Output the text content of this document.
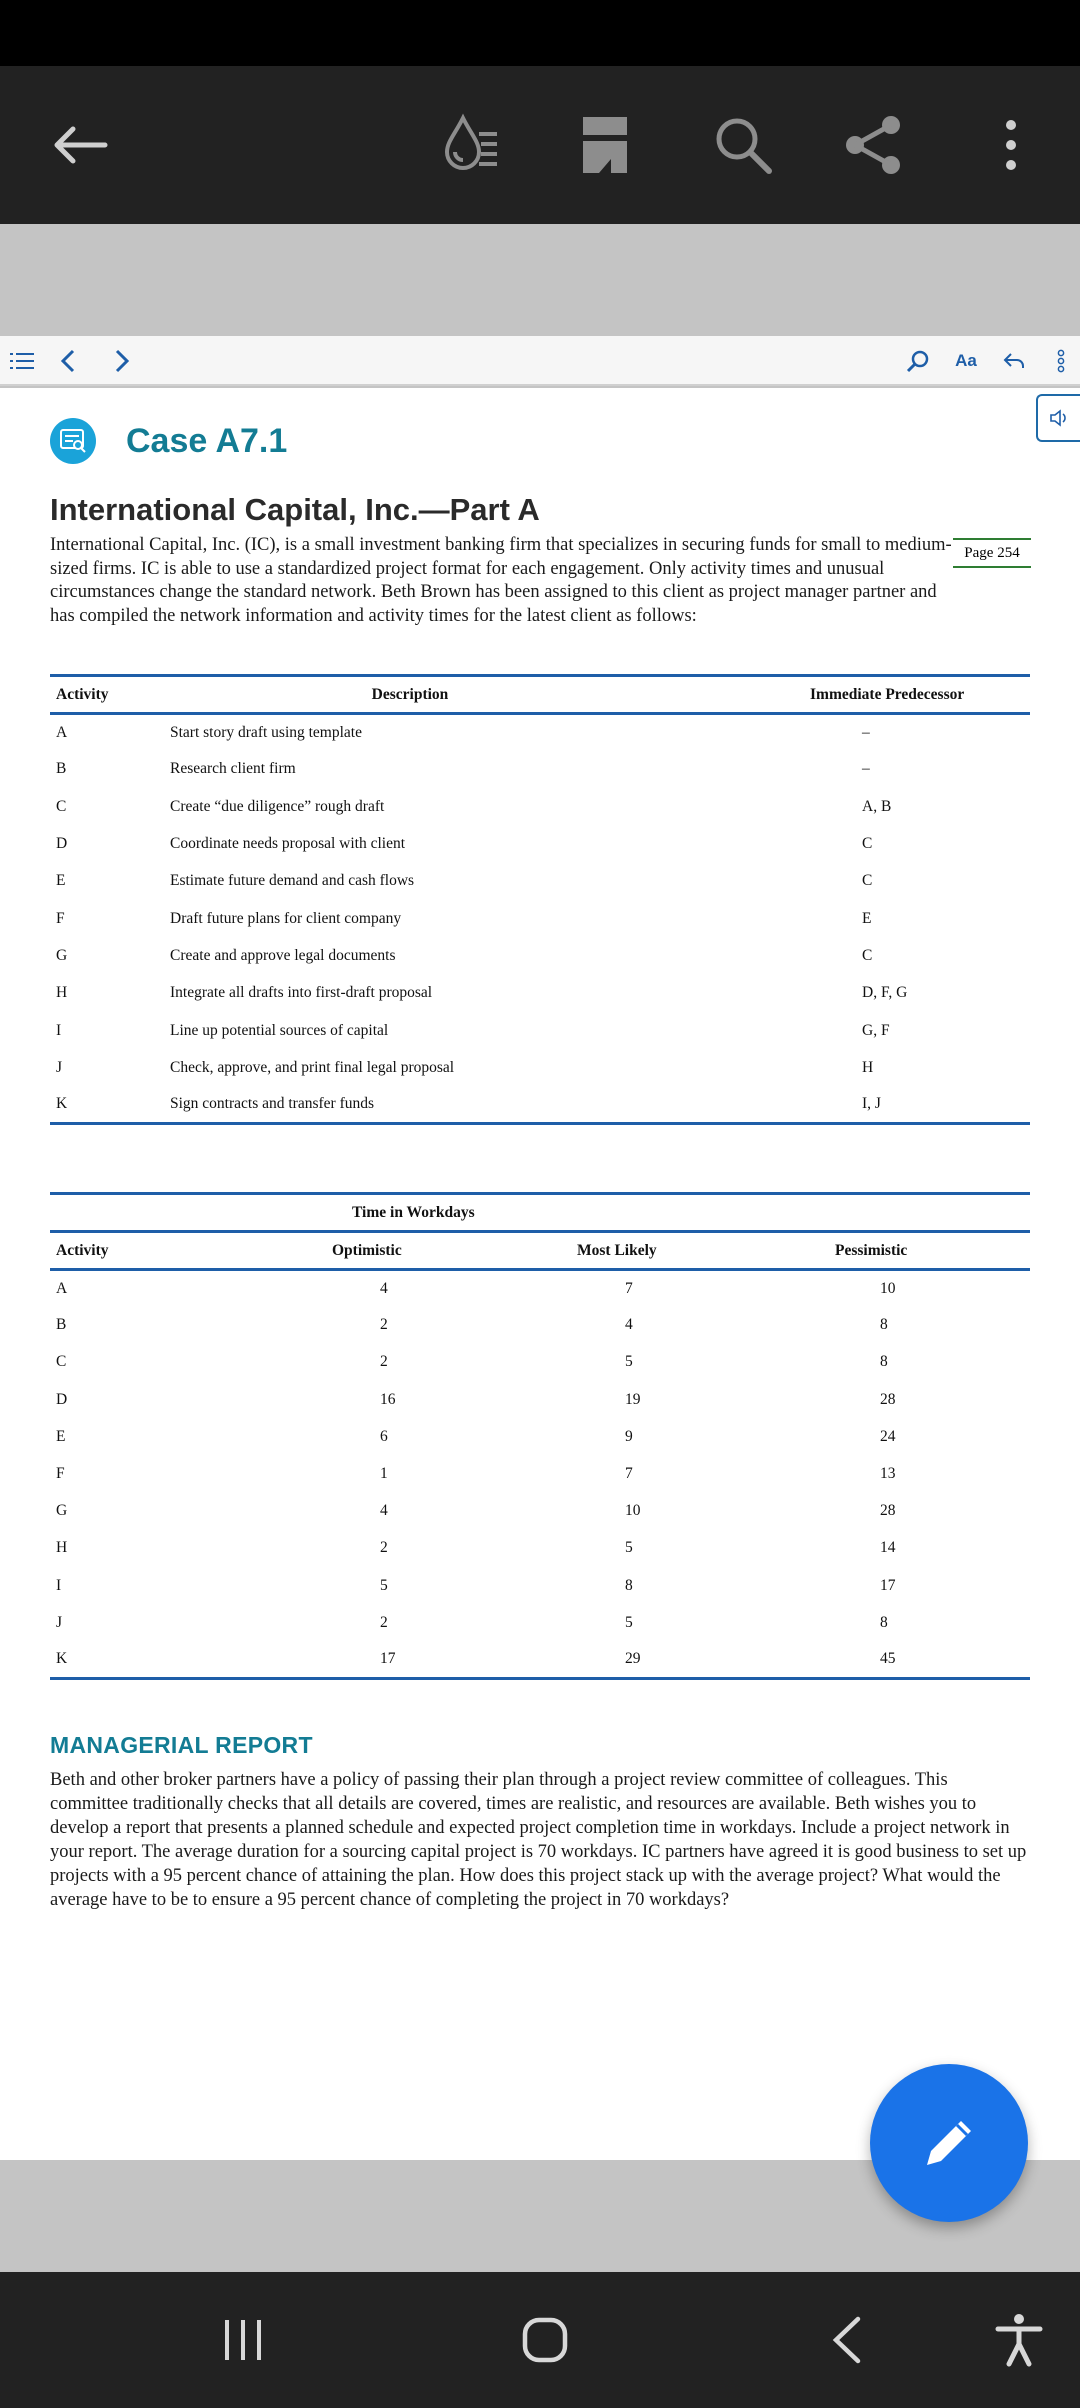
Aa
Case A7.1
International Capital, Inc.—Part A
Page 254
International Capital, Inc. (IC), is a small investment banking firm that specializes in securing funds for small to medium-sized firms. IC is able to use a standardized project format for each engagement. Only activity times and unusual circumstances change the standard network. Beth Brown has been assigned to this client as project manager partner and has compiled the network information and activity times for the latest client as follows:
Activity	Description	Immediate Predecessor
A	Start story draft using template	–
B	Research client firm	–
C	Create “due diligence” rough draft	A, B
D	Coordinate needs proposal with client	C
E	Estimate future demand and cash flows	C
F	Draft future plans for client company	E
G	Create and approve legal documents	C
H	Integrate all drafts into first-draft proposal	D, F, G
I	Line up potential sources of capital	G, F
J	Check, approve, and print final legal proposal	H
K	Sign contracts and transfer funds	I, J
	Time in Workdays		
Activity	Optimistic	Most Likely	Pessimistic
A	4	7	10
B	2	4	8
C	2	5	8
D	16	19	28
E	6	9	24
F	1	7	13
G	4	10	28
H	2	5	14
I	5	8	17
J	2	5	8
K	17	29	45
MANAGERIAL REPORT
Beth and other broker partners have a policy of passing their plan through a project review committee of colleagues. This committee traditionally checks that all details are covered, times are realistic, and resources are available. Beth wishes you to develop a report that presents a planned schedule and expected project completion time in workdays. Include a project network in your report. The average duration for a sourcing capital project is 70 workdays. IC partners have agreed it is good business to set up projects with a 95 percent chance of attaining the plan. How does this project stack up with the average project? What would the average have to be to ensure a 95 percent chance of completing the project in 70 workdays?
